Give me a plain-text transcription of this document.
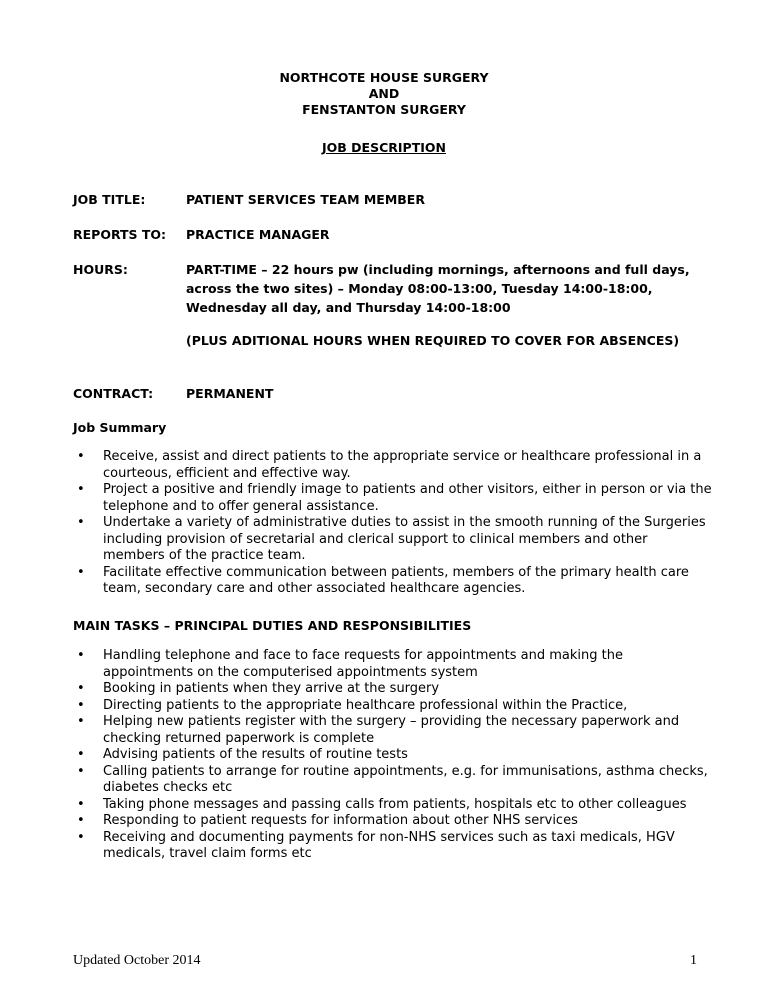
NORTHCOTE HOUSE SURGERY
AND
FENSTANTON SURGERY
JOB DESCRIPTION
JOB TITLE:	PATIENT SERVICES TEAM MEMBER
REPORTS TO: PRACTICE MANAGER
HOURS:	PART-TIME – 22 hours pw (including mornings, afternoons and full days, across the two sites) – Monday 08:00-13:00, Tuesday 14:00-18:00, Wednesday all day, and Thursday 14:00-18:00
(PLUS ADITIONAL HOURS WHEN REQUIRED TO COVER FOR ABSENCES)
CONTRACT:	PERMANENT
Job Summary
• Receive, assist and direct patients to the appropriate service or healthcare professional in a courteous, efficient and effective way.
• Project a positive and friendly image to patients and other visitors, either in person or via the telephone and to offer general assistance.
• Undertake a variety of administrative duties to assist in the smooth running of the Surgeries including provision of secretarial and clerical support to clinical members and other members of the practice team.
• Facilitate effective communication between patients, members of the primary health care team, secondary care and other associated healthcare agencies.
MAIN TASKS – PRINCIPAL DUTIES AND RESPONSIBILITIES
• Handling telephone and face to face requests for appointments and making the appointments on the computerised appointments system
• Booking in patients when they arrive at the surgery
• Directing patients to the appropriate healthcare professional within the Practice,
• Helping new patients register with the surgery – providing the necessary paperwork and checking returned paperwork is complete
• Advising patients of the results of routine tests
• Calling patients to arrange for routine appointments, e.g. for immunisations, asthma checks, diabetes checks etc
• Taking phone messages and passing calls from patients, hospitals etc to other colleagues
• Responding to patient requests for information about other NHS services
• Receiving and documenting payments for non-NHS services such as taxi medicals, HGV medicals, travel claim forms etc
Updated October 2014	1
